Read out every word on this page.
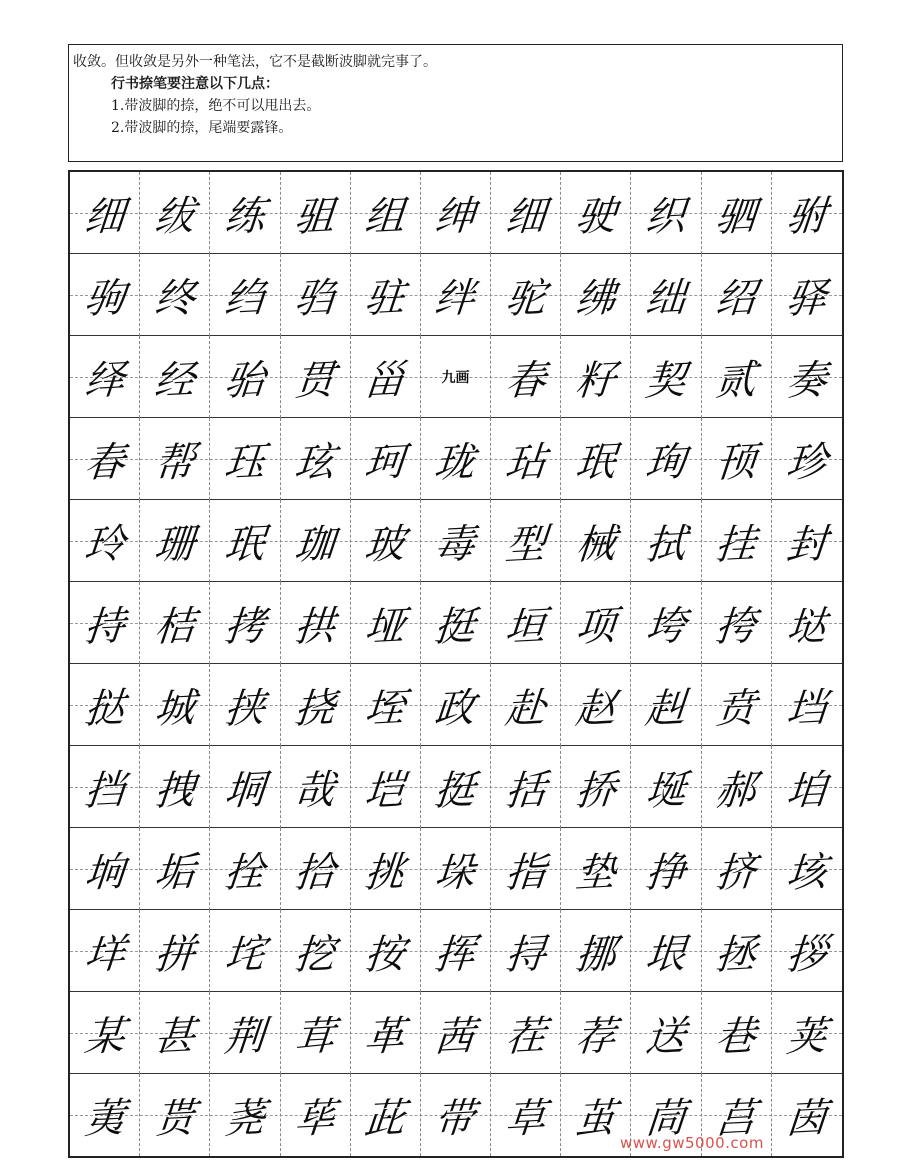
收敛。但收敛是另外一种笔法，它不是截断波脚就完事了。
行书捺笔要注意以下几点：
1.带波脚的捺，绝不可以甩出去。
2.带波脚的捺，尾端要露锋。
细 绂 练 驵 组 绅 细 驶 织 驷 驸
驹 终 绉 驺 驻 绊 驼 绋 绌 绍 驿
绎 经 骀 贯 甾 九画 春 籽 契 贰 奏
春 帮 珏 玹 珂 珑 玷 珉 珣 顸 珍
玲 珊 珉 珈 玻 毒 型 械 拭 挂 封
持 桔 拷 拱 垭 挺 垣 项 垮 挎 垯
挞 城 挟 挠 垤 政 赴 赵 赳 贲 垱
挡 拽 垌 哉 垲 挺 括 挢 埏 郝 垍
垧 垢 拴 拾 挑 垛 指 垫 挣 挤 垓
垟 拼 垞 挖 按 挥 挦 挪 垠 拯 拶
某 甚 荆 茸 革 茜 茬 荐 送 巷 荚
荑 贳 荛 荜 茈 带 草 茧 茼 莒 茵
www.gw5000.com
